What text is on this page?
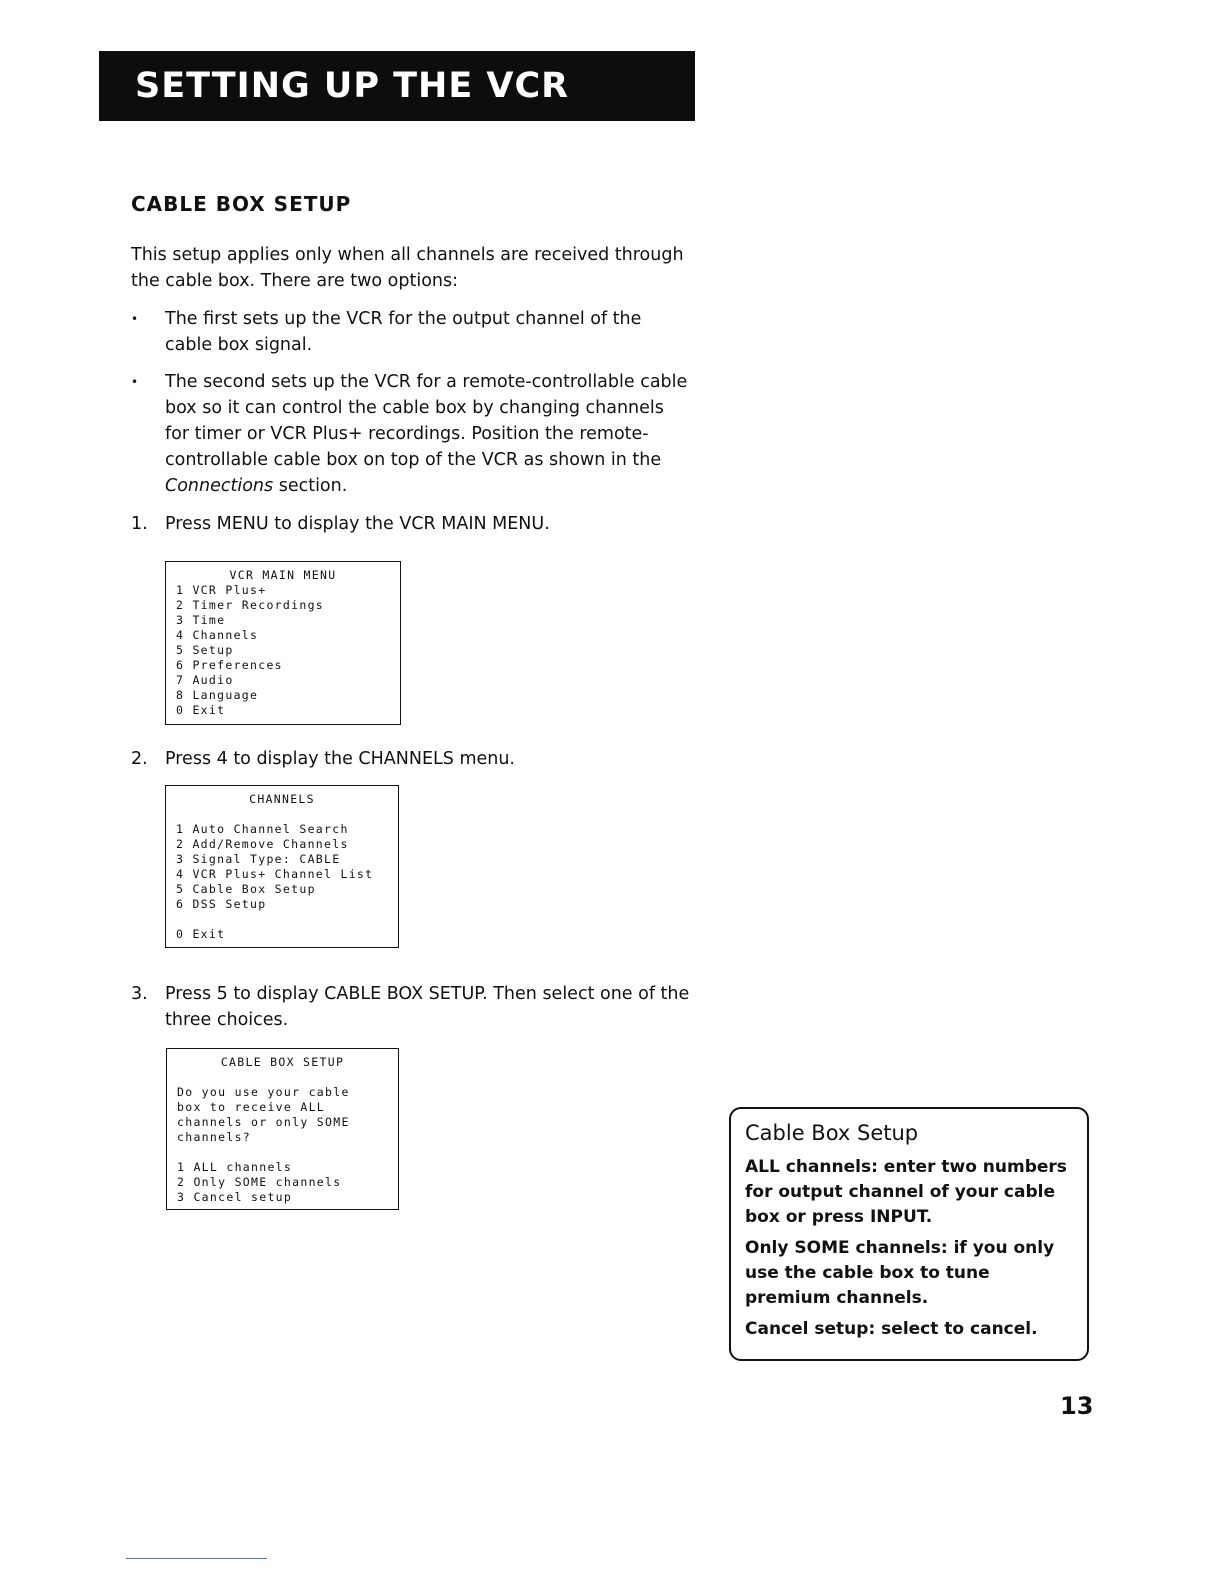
SETTING UP THE VCR
CABLE BOX SETUP

This setup applies only when all channels are received through the cable box. There are two options:

•	The first sets up the VCR for the output channel of the cable box signal.
•	The second sets up the VCR for a remote-controllable cable box so it can control the cable box by changing channels for timer or VCR Plus+ recordings. Position the remote-controllable cable box on top of the VCR as shown in the Connections section.
1. Press MENU to display the VCR MAIN MENU.
VCR MAIN MENU
1 VCR Plus+
2 Timer Recordings
3 Time
4 Channels
5 Setup
6 Preferences
7 Audio
8 Language
0 Exit
2. Press 4 to display the CHANNELS menu.
CHANNELS
1 Auto Channel Search
2 Add/Remove Channels
3 Signal Type: CABLE
4 VCR Plus+ Channel List
5 Cable Box Setup
6 DSS Setup
0 Exit
3. Press 5 to display CABLE BOX SETUP. Then select one of the three choices.
CABLE BOX SETUP
Do you use your cable
box to receive ALL
channels or only SOME
channels?
1 ALL channels
2 Only SOME channels
3 Cancel setup
Cable Box Setup

ALL channels: enter two numbers for output channel of your cable box or press INPUT.

Only SOME channels: if you only use the cable box to tune premium channels.

Cancel setup: select to cancel.

13
